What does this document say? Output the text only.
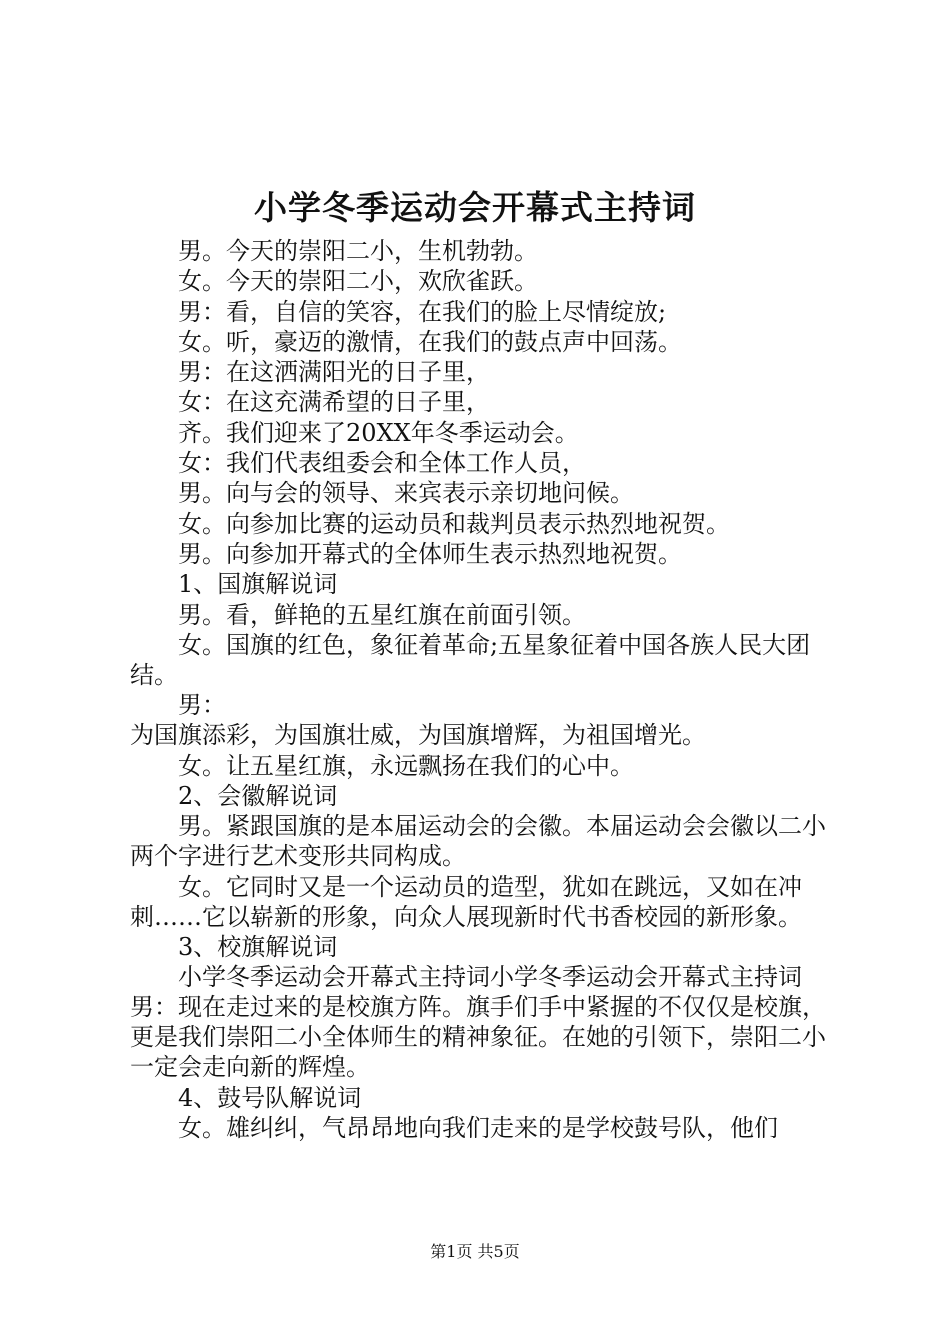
小学冬季运动会开幕式主持词

男。今天的崇阳二小，生机勃勃。

女。今天的崇阳二小，欢欣雀跃。

男：看，自信的笑容，在我们的脸上尽情绽放;

女。听，豪迈的激情，在我们的鼓点声中回荡。

男：在这洒满阳光的日子里，

女：在这充满希望的日子里，

齐。我们迎来了20XX年冬季运动会。

女：我们代表组委会和全体工作人员，

男。向与会的领导、来宾表示亲切地问候。

女。向参加比赛的运动员和裁判员表示热烈地祝贺。

男。向参加开幕式的全体师生表示热烈地祝贺。

1、国旗解说词

男。看，鲜艳的五星红旗在前面引领。

女。国旗的红色，象征着革命;五星象征着中国各族人民大团结。

男：

为国旗添彩，为国旗壮威，为国旗增辉，为祖国增光。

女。让五星红旗，永远飘扬在我们的心中。

2、会徽解说词

男。紧跟国旗的是本届运动会的会徽。本届运动会会徽以二小两个字进行艺术变形共同构成。

女。它同时又是一个运动员的造型，犹如在跳远，又如在冲刺……它以崭新的形象，向众人展现新时代书香校园的新形象。

3、校旗解说词

小学冬季运动会开幕式主持词小学冬季运动会开幕式主持词男：现在走过来的是校旗方阵。旗手们手中紧握的不仅仅是校旗，更是我们崇阳二小全体师生的精神象征。在她的引领下，崇阳二小一定会走向新的辉煌。

4、鼓号队解说词

女。雄纠纠，气昂昂地向我们走来的是学校鼓号队，他们

第1页 共5页
